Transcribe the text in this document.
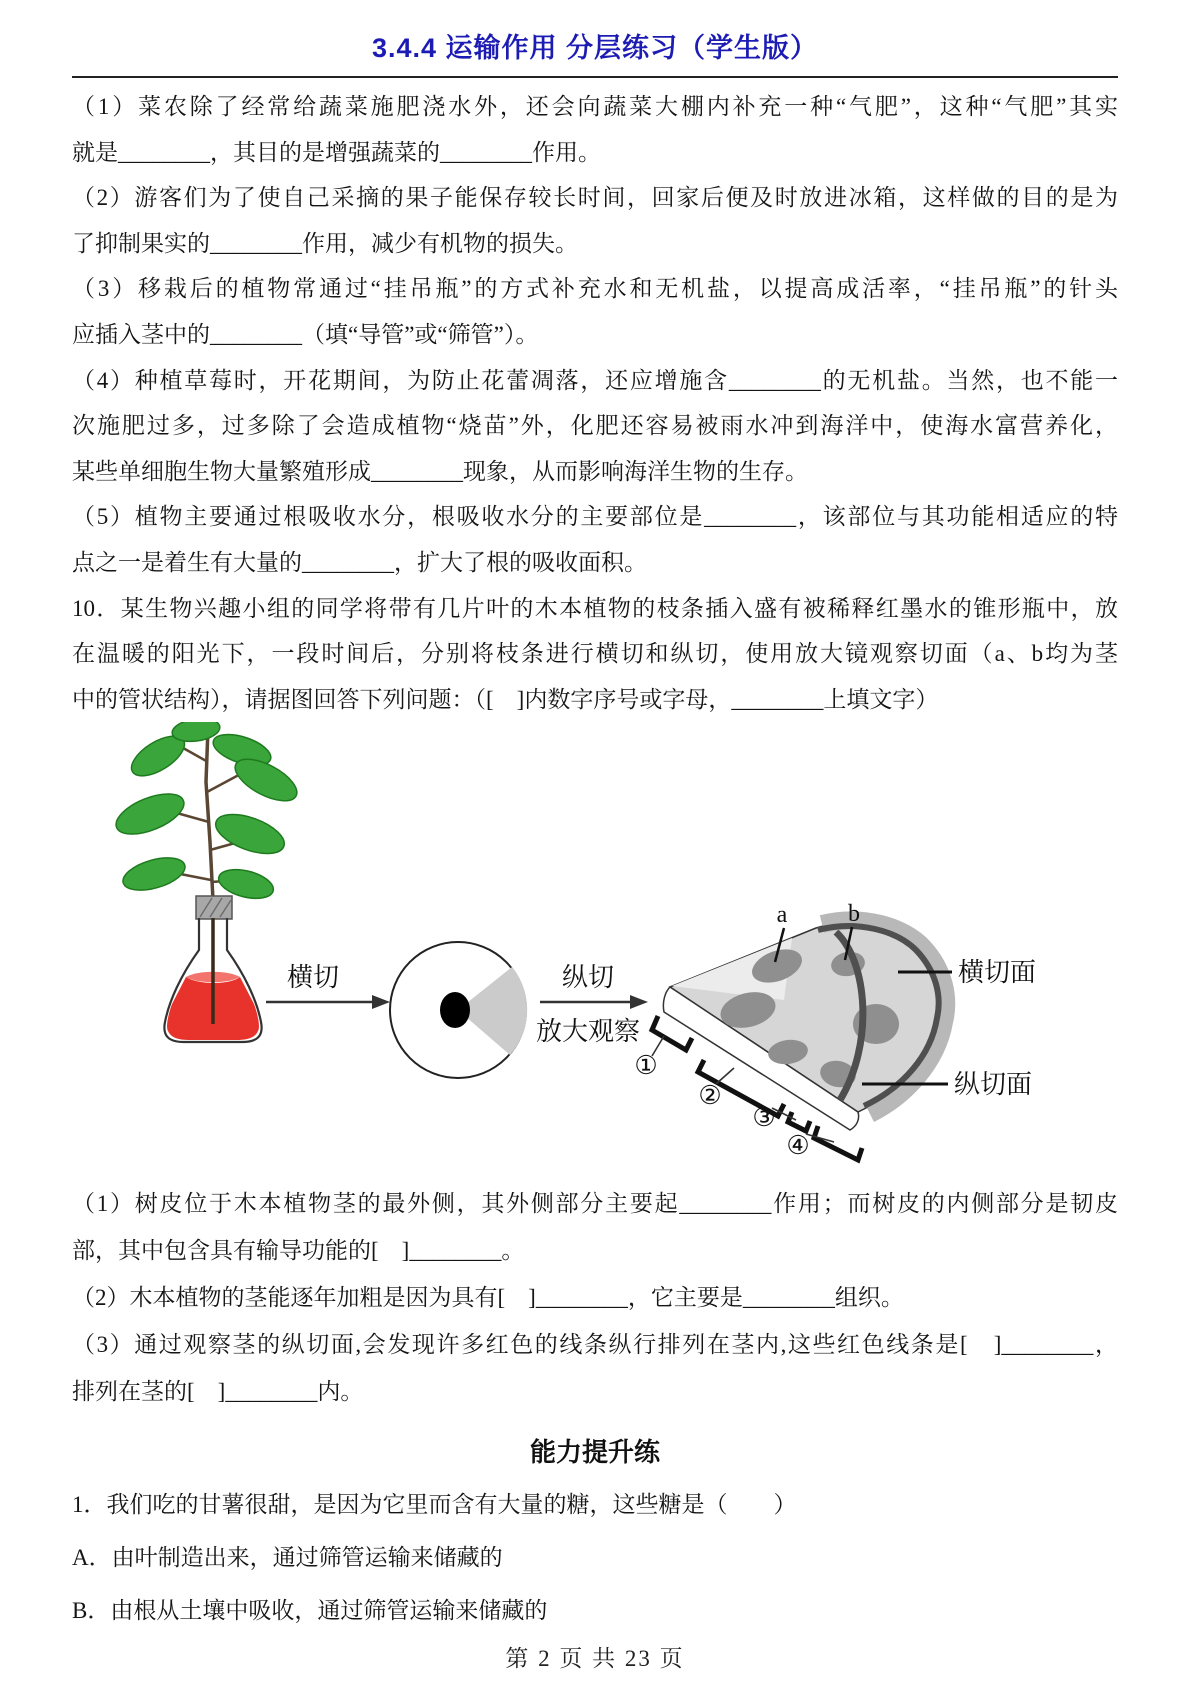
3.4.4 运输作用 分层练习（学生版）
（1）菜农除了经常给蔬菜施肥浇水外，还会向蔬菜大棚内补充一种“气肥”，这种“气肥”其实
就是________，其目的是增强蔬菜的________作用。
（2）游客们为了使自己采摘的果子能保存较长时间，回家后便及时放进冰箱，这样做的目的是为
了抑制果实的________作用，减少有机物的损失。
（3）移栽后的植物常通过“挂吊瓶”的方式补充水和无机盐，以提高成活率，“挂吊瓶”的针头
应插入茎中的________（填“导管”或“筛管”）。
（4）种植草莓时，开花期间，为防止花蕾凋落，还应增施含________的无机盐。当然，也不能一
次施肥过多，过多除了会造成植物“烧苗”外，化肥还容易被雨水冲到海洋中，使海水富营养化，
某些单细胞生物大量繁殖形成________现象，从而影响海洋生物的生存。
（5）植物主要通过根吸收水分，根吸收水分的主要部位是________，该部位与其功能相适应的特
点之一是着生有大量的________，扩大了根的吸收面积。
10．某生物兴趣小组的同学将带有几片叶的木本植物的枝条插入盛有被稀释红墨水的锥形瓶中，放
在温暖的阳光下，一段时间后，分别将枝条进行横切和纵切，使用放大镜观察切面（a、b均为茎
中的管状结构），请据图回答下列问题：（[　]内数字序号或字母，________上填文字）
横切	纵切
放大观察
a	b
横切面
纵切面
①
②
③
④
（1）树皮位于木本植物茎的最外侧，其外侧部分主要起________作用；而树皮的内侧部分是韧皮
部，其中包含具有输导功能的[　]________。
（2）木本植物的茎能逐年加粗是因为具有[　]________，它主要是________组织。
（3）通过观察茎的纵切面,会发现许多红色的线条纵行排列在茎内,这些红色线条是[　]________，
排列在茎的[　]________内。
能力提升练
1．我们吃的甘薯很甜，是因为它里而含有大量的糖，这些糖是（　　）
A．由叶制造出来，通过筛管运输来储藏的
B．由根从土壤中吸收，通过筛管运输来储藏的
第 2 页 共 23 页
